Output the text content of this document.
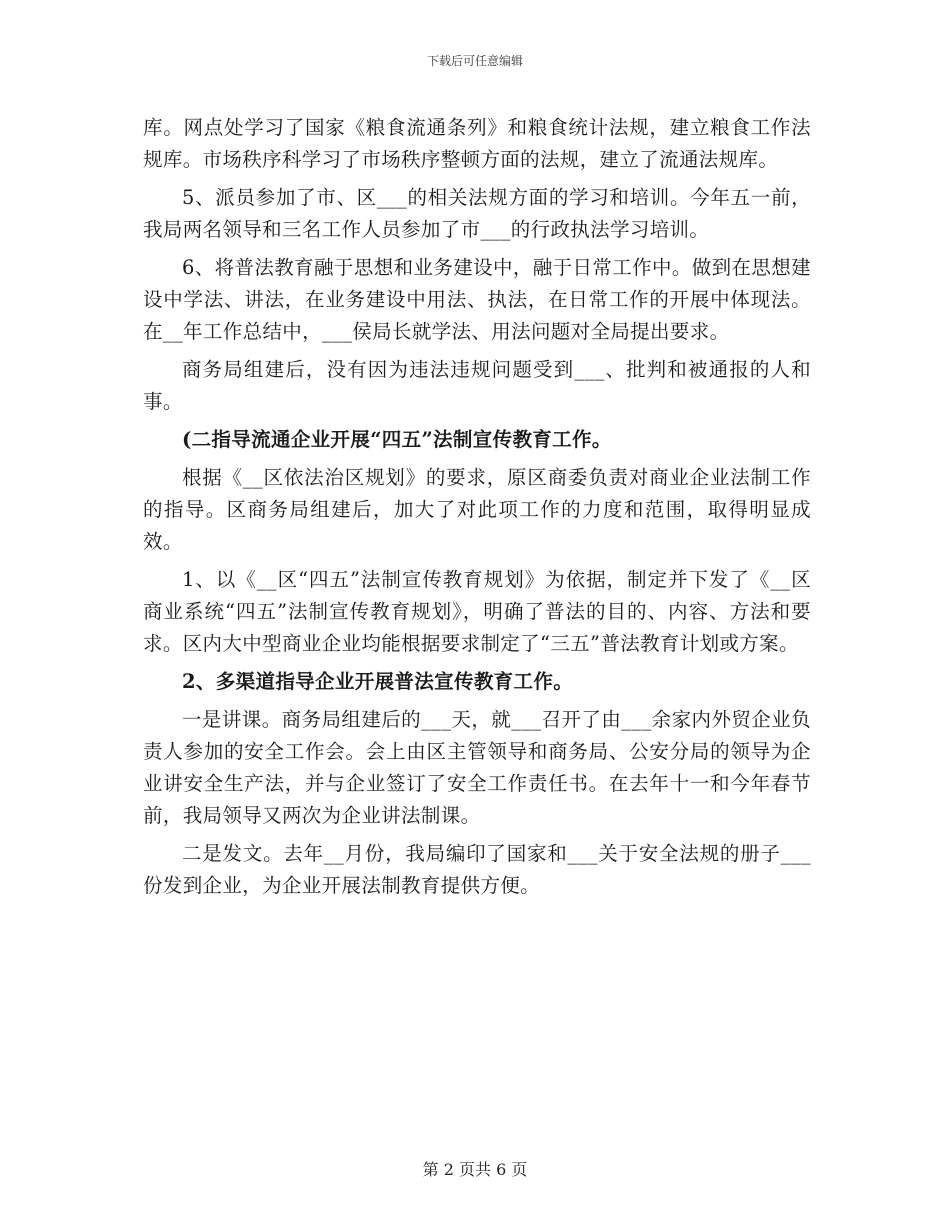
下载后可任意编辑

库。网点处学习了国家《粮食流通条列》和粮食统计法规，建立粮食工作法规库。市场秩序科学习了市场秩序整顿方面的法规，建立了流通法规库。

5、派员参加了市、区___的相关法规方面的学习和培训。今年五一前，我局两名领导和三名工作人员参加了市___的行政执法学习培训。

6、将普法教育融于思想和业务建设中，融于日常工作中。做到在思想建设中学法、讲法，在业务建设中用法、执法，在日常工作的开展中体现法。在__年工作总结中，___侯局长就学法、用法问题对全局提出要求。

商务局组建后，没有因为违法违规问题受到___、批判和被通报的人和事。

(二指导流通企业开展“四五”法制宣传教育工作。

根据《__区依法治区规划》的要求，原区商委负责对商业企业法制工作的指导。区商务局组建后，加大了对此项工作的力度和范围，取得明显成效。

1、以《__区“四五”法制宣传教育规划》为依据，制定并下发了《__区商业系统“四五”法制宣传教育规划》，明确了普法的目的、内容、方法和要求。区内大中型商业企业均能根据要求制定了“三五”普法教育计划或方案。

2、多渠道指导企业开展普法宣传教育工作。

一是讲课。商务局组建后的___天，就___召开了由___余家内外贸企业负责人参加的安全工作会。会上由区主管领导和商务局、公安分局的领导为企业讲安全生产法，并与企业签订了安全工作责任书。在去年十一和今年春节前，我局领导又两次为企业讲法制课。

二是发文。去年__月份，我局编印了国家和___关于安全法规的册子___份发到企业，为企业开展法制教育提供方便。

第 2 页共 6 页
